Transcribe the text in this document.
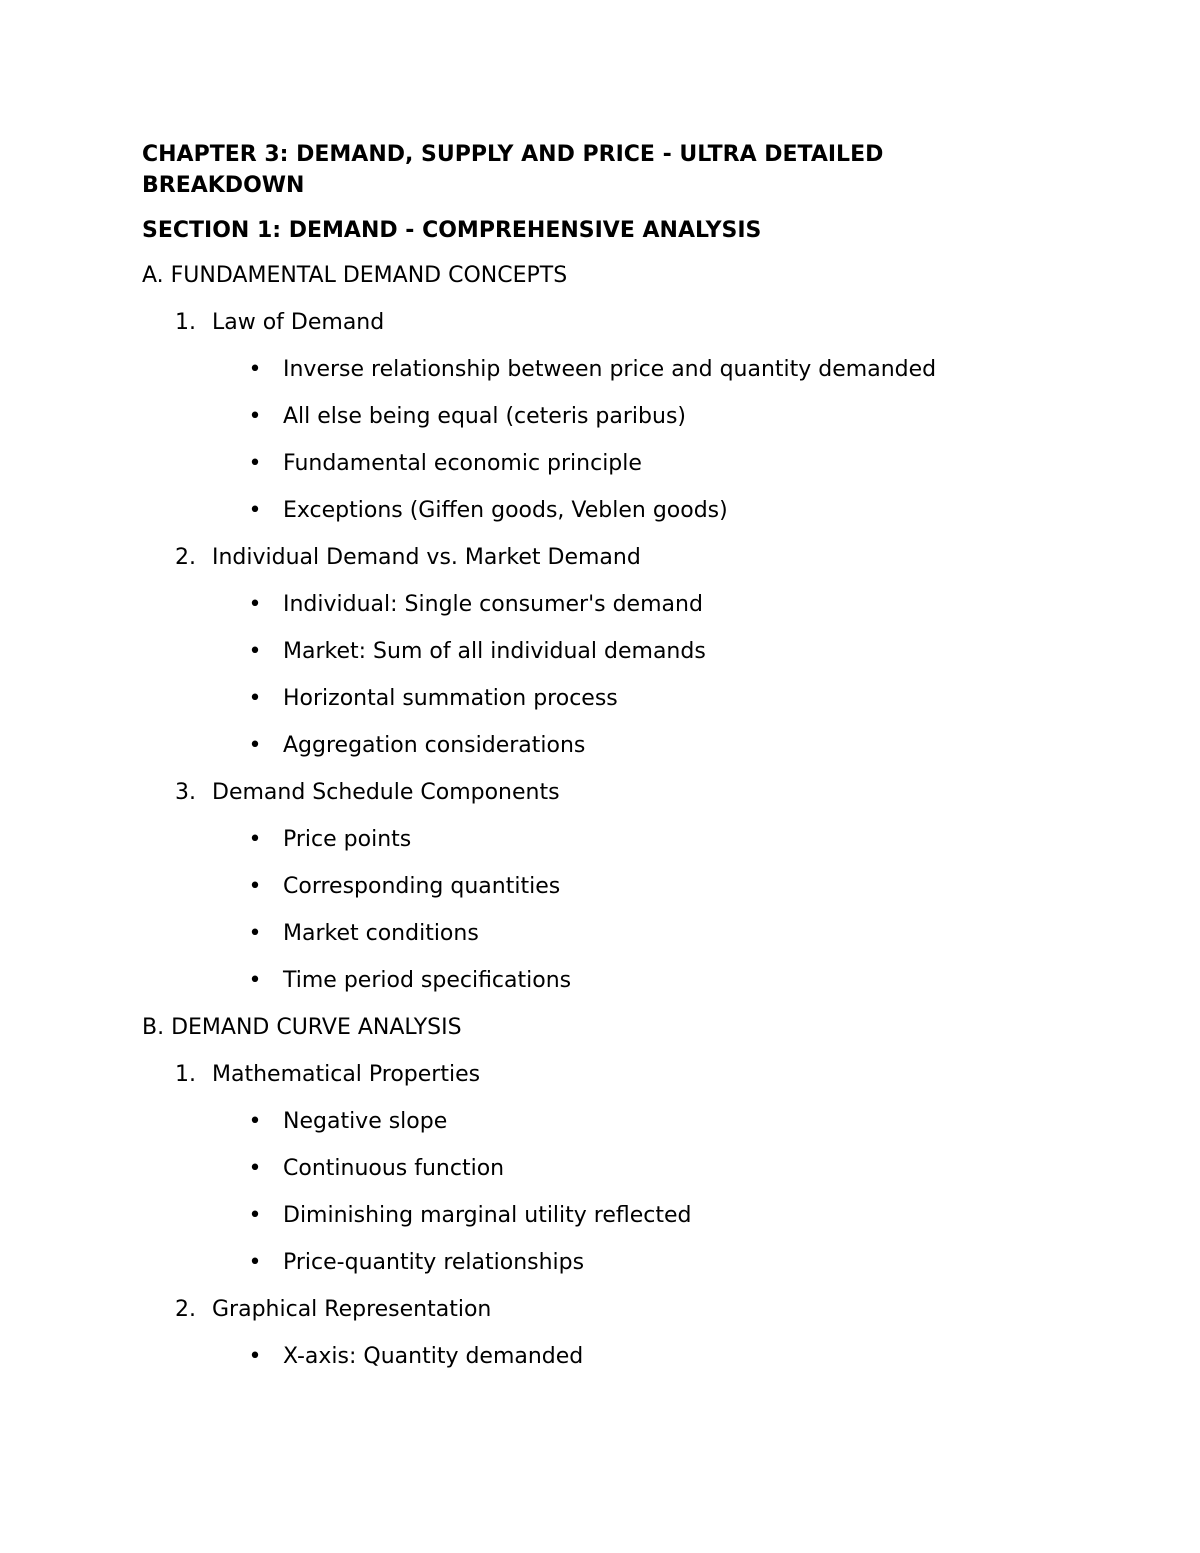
CHAPTER 3: DEMAND, SUPPLY AND PRICE - ULTRA DETAILED BREAKDOWN
SECTION 1: DEMAND - COMPREHENSIVE ANALYSIS
A. FUNDAMENTAL DEMAND CONCEPTS
1. Law of Demand
• Inverse relationship between price and quantity demanded
• All else being equal (ceteris paribus)
• Fundamental economic principle
• Exceptions (Giffen goods, Veblen goods)
2. Individual Demand vs. Market Demand
• Individual: Single consumer's demand
• Market: Sum of all individual demands
• Horizontal summation process
• Aggregation considerations
3. Demand Schedule Components
• Price points
• Corresponding quantities
• Market conditions
• Time period specifications
B. DEMAND CURVE ANALYSIS
1. Mathematical Properties
• Negative slope
• Continuous function
• Diminishing marginal utility reflected
• Price-quantity relationships
2. Graphical Representation
• X-axis: Quantity demanded
